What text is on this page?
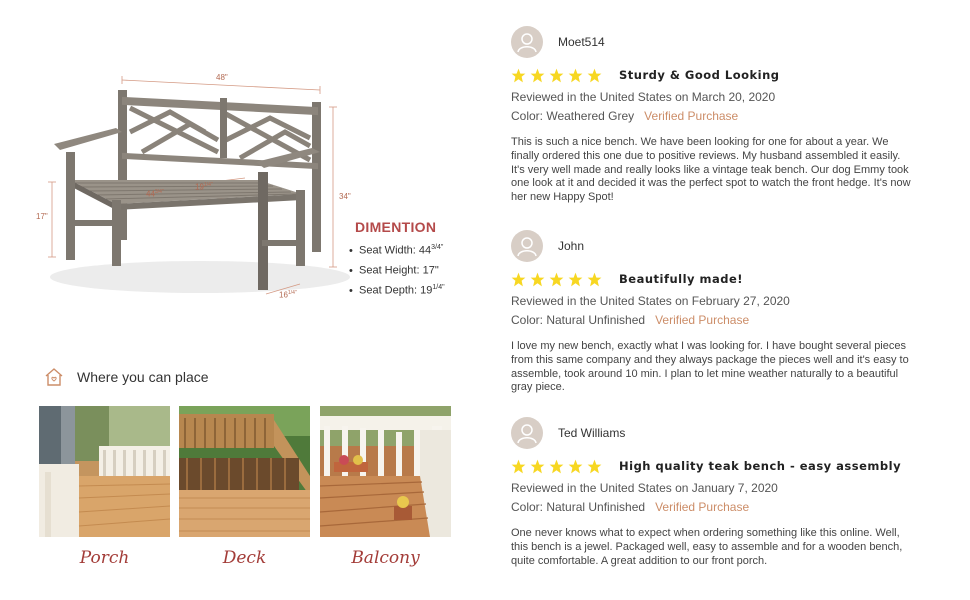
48"
34"
17"
$44^{3/4"}$
$19^{1/4"}$
$16^{1/4"}$
DIMENTION
• Seat Width: $44^{3/4"}$
• Seat Height: 17"
• Seat Depth: $19^{1/4"}$
Where you can place
Porch	Deck	Balcony
Moet514
Sturdy & Good Looking
Reviewed in the United States on March 20, 2020
Color: Weathered Grey Verified Purchase
This is such a nice bench. We have been looking for one for about a year. We finally ordered this one due to positive reviews. My husband assembled it easily. It's very well made and really looks like a vintage teak bench. Our dog Emmy took one look at it and decided it was the perfect spot to watch the front hedge. It's now her new Happy Spot!
John
Beautifully made!
Reviewed in the United States on February 27, 2020
Color: Natural Unfinished Verified Purchase
I love my new bench, exactly what I was looking for. I have bought several pieces from this same company and they always package the pieces well and it's easy to assemble, took around 10 min. I plan to let mine weather naturally to a beautiful gray piece.
Ted Williams
High quality teak bench - easy assembly
Reviewed in the United States on January 7, 2020
Color: Natural Unfinished Verified Purchase
One never knows what to expect when ordering something like this online. Well, this bench is a jewel. Packaged well, easy to assemble and for a wooden bench, quite comfortable. A great addition to our front porch.
